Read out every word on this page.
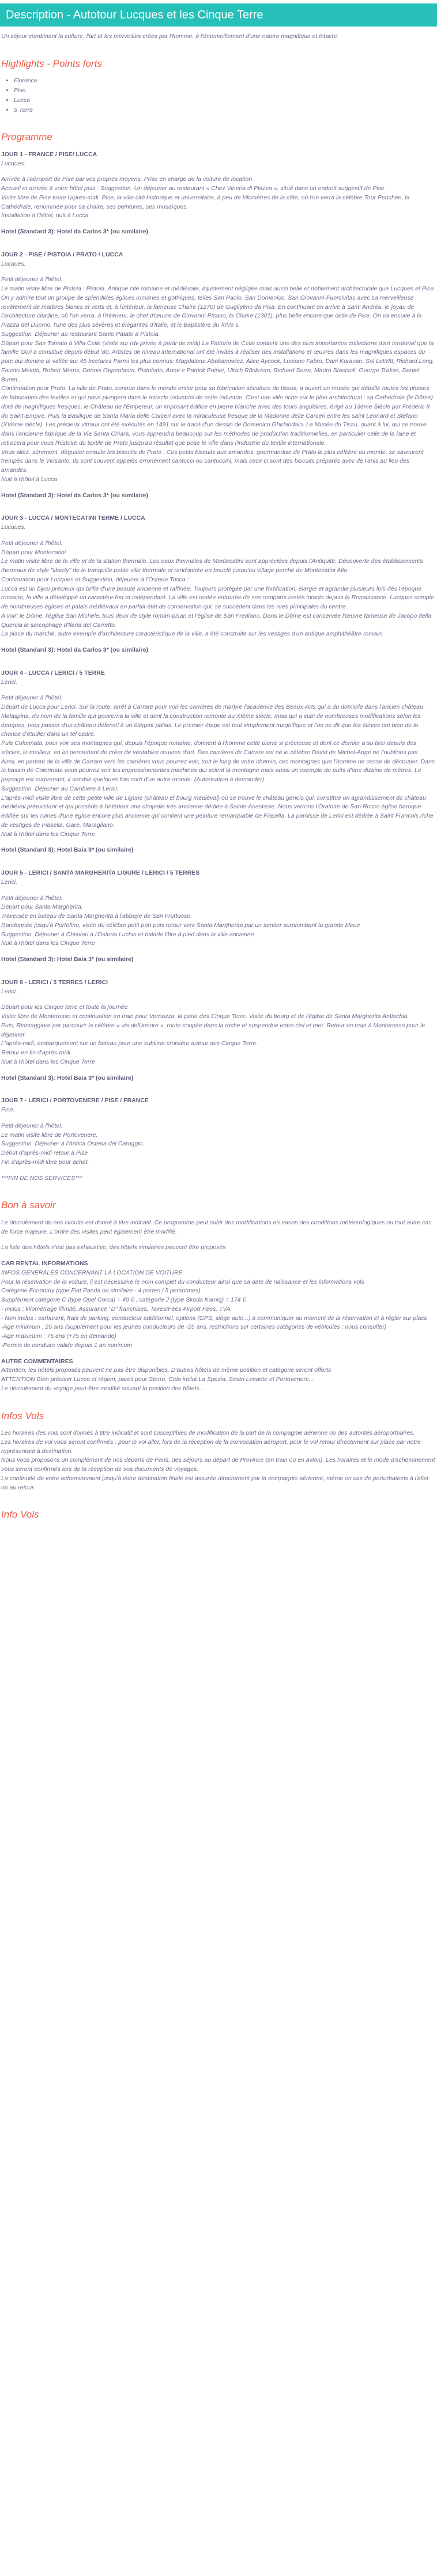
Description - Autotour Lucques et les Cinque Terre
Un séjour combinant la culture, l'art et les merveilles crées par l'homme, à l'émerveillement d'une nature magnifique et intacte.
Highlights - Points forts
• Florence
• Pise
• Lucca
• 5 Terre
Programme
JOUR 1 - FRANCE / PISE/ LUCCA
Lucques.
Arrivée à l'aéroport de Pise par vos propres moyens. Prise en charge de la voiture de location.
Accueil et arrivée à votre hôtel puis : Suggestion. Un déjeuner au restaurant « Chez Vineria di Piazza », situé dans un endroit suggestif de Pise.
Visite libre de Pise toute l'après-midi. Pise, la ville cité historique et universitaire, à peu de kilomètres de la côte, où l'on verra la célèbre Tour Penchée, la Cathédrale, renommée pour sa chaire, ses peintures, ses mosaïques.
Installation à l'hôtel, nuit à Lucca.
Hotel (Standard 3): Hotel da Carlos 3* (ou similaire)
JOUR 2 - PISE / PISTOIA / PRATO / LUCCA
Lucques.
Petit déjeuner à l'hôtel.
Le matin visite libre de Pistoia : Pistoia. Antique cité romaine et médiévale, injustement négligée mais aussi belle et noblement architecturale que Lucques et Pise. On y admire tout un groupe de splendides églises romanes et gothiques, telles San Paolo, San Domenico, San Giovanni-Fuorcivitas avec sa merveilleuse revêtement de marbres blancs et verts et, à l'intérieur, la fameuse Chaire (1270) de Guglielmo da Pisa. En continuant on arrive à Sant' Andréa, le joyau de l'architecture citadine, où l'on verra, à l'intérieur, le chef d'œuvre de Giovanni Pisano, la Chaire (1301), plus belle encore que celle de Pise. On va ensuite à la Piazza del Duomo, l'une des plus sévères et élégantes d'Italie, et le Baptistère du XIVe s.
Suggestion. Déjeuner au restaurant Santo Patato a Pistoia.
Départ pour San Tomato à Villa Celle (visite sur rdv privée à partir de midi) La Fattoria de Celle contient une des plus importantes collections d'art territorial que la famille Gori a constitué depuis début '80. Artistes de niveau international ont été invités à réaliser des installations et œuvres dans les magnifiques espaces du parc qui domine la vallée sur 45 hectares Parmi les plus connus: Magdalena Abakanowicz, Alice Aycock, Luciano Fabro, Dani Karavan, Sol LeWitt, Richard Long, Fausto Melotti, Robert Morris, Dennis Oppenheim, Pistoletto, Anne e Patrick Poirier, Ulrich Rückriem, Richard Serra, Mauro Staccioli, George Trakas, Daniel Buren...
Continuation pour Prato. La ville de Prato, connue dans le monde entier pour sa fabrication séculaire de tissus, a ouvert un musée qui détaille toutes les phases de fabrication des textiles et qui nous plongera dans le miracle industriel de cette industrie. C'est une ville riche sur le plan architectural : sa Cathédrale (le Dôme) doté de magnifiques fresques, le Château de l'Empereur, un imposant édifice en pierre blanche avec des tours angulaires, érigé au 13ème Siècle par Frédéric II du Saint-Empire. Puis la Basilique de Santa Maria delle Carceri avec la miraculeuse fresque de la Madonne delle Carceri entre les saint Léonard et Stéfano (XVème siècle). Les précieux vitraux ont été exécutés en 1491 sur le tracé d'un dessin de Domenico Ghirlandaio. Le Musée du Tissu, quant à lui, qui se trouve dans l'ancienne fabrique de la Via Santa Chiara, vous apprendra beaucoup sur les méthodes de production traditionnelles, en particulier celle de la laine et retracera pour vous l'histoire du textile de Prato jusqu'au résultat que pose le ville dans l'industrie du textile internationale.
Vous allez, sûrement, déguster ensuite les biscuits de Prato : Ces petits biscuits aux amandes, gourmandise de Prato la plus célèbre au monde, se savourent trempés dans le Vinsanto. Ils sont souvent appelés erronément cantucci ou cantuccini, mais ceux-ci sont des biscuits préparés avec de l'anis au lieu des amandes.
Nuit à l'hôtel à Lucca
Hotel (Standard 3): Hotel da Carlos 3* (ou similaire)
JOUR 3 - LUCCA / MONTECATINI TERME / LUCCA
Lucques.
Petit déjeuner à l'hôtel.
Départ pour Montecatini
Le matin visite libre de la ville et de la station thermale. Les eaux thermales de Montecatini sont appréciées depuis l'Antiquité. Découverte des établissements thermaux de style "liberty" de la tranquille petite ville thermale et randonnée en bouclé jusqu'au village perché de Montecatini Alto.
Continuation pour Lucques et Suggestion, déjeuner à l'Osteria Tosca :
Lucca est un bijou précieux qui brille d'une beauté ancienne et raffinée. Toujours protégée par une fortification, élargie et agrandie plusieurs fois dès l'époque romaine, la ville a développé un caractère fort et indépendant. La ville est restée entourée de ses remparts restés intacts depuis la Renaissance. Lucques compte de nombreuses églises et palais médiévaux en parfait état de conservation qui, se succèdent dans les rues principales du centre.
A voir: le Dôme, l'église San Michele, tous deux de style roman-pisan et l'église de San Frediano. Dans le Dôme est conservée l'œuvre fameuse de Jacopo della Quercia le sarcophage d'Ilaria del Carretto.
La place du marché, autre exemple d'architecture caractéristique de la ville, a été construite sur les vestiges d'un antique amphithéâtre romain.
Hotel (Standard 3): Hotel da Carlos 3* (ou similaire)
JOUR 4 - LUCCA / LERICI / 5 TERRE
Lerici.
Petit déjeuner à l'hôtel.
Départ de Lucca pour Lerici. Sur la route, arrêt à Carrare pour voir les carrières de marbre l'académie des Beaux-Arts qui a du domicile dans l'ancien château Malaspina, du nom de la famille qui gouverna la ville et dont la construction remonte au XIème siècle, mais qui a subi de nombreuses modifications selon les époques, pour passer d'un château défensif à un élégant palais. Le premier étage est tout simplement magnifique et l'on se dit que les élèves ont bien de la chance d'étudier dans un tel cadre.
Puis Colonnata, pour voir ses montagnes qui, depuis l'époque romaine, donnent à l'homme cette pierre si précieuse et dont ce dernier a su tirer depuis des siècles, le meilleur, en lui permettant de créer de véritables œuvres d'art. Des carrières de Carrare est né le célèbre David de Michel-Ange ne l'oublions pas.
Ainsi, en partant de la ville de Carrare vers les carrières vous pourrez voir, tout le long de votre chemin, ces montagnes que l'homme ne cesse de découper. Dans le bassin de Colonnata vous pourrez voir les impressionnantes machines qui scient la montagne mais aussi un exemple de puits d'une dizaine de mètres. Le paysage est surprenant, il semble quelques fois sorti d'un autre monde. (Autorisation à demander)
Suggestion. Déjeuner au Cambiere à Lerici.
L'après-midi visite libre de cette petite ville de Ligurie (château et bourg médiéval) où se trouve le château génois qui, constitue un agrandissement du château médiéval préexistant et qui possède à l'intérieur une chapelle très ancienne dédiée à Sainte Anastasie. Nous verrons l'Oratoire de San Rocco église baroque édifiée sur les ruines d'une église encore plus ancienne qui contient une peinture remarquable de Fiasella. La paroisse de Lerici est dédiée à Saint Francois riche de vestiges de Fiasella, Gare, Maragliano.
Nuit à l'hôtel dans les Cinque Terre
Hotel (Standard 3): Hotel Baia 3* (ou similaire)
JOUR 5 - LERICI / SANTA MARGHERITA LIGURE / LERICI / 5 TERRES
Lerici.
Petit déjeuner à l'hôtel.
Départ pour Santa Margherita.
Traversée en bateau de Santa Margherita à l'abbaye de San Fruttuoso.
Randonnée jusqu'à Portofino, visite du célèbre petit port puis retour vers Santa Margherita par un sentier surplombant la grande bleue
Suggestion. Déjeuner à Chiavari à l'Osteria Luchin et balade libre à pied dans la ville ancienne
Nuit à l'hôtel dans les Cinque Terre
Hotel (Standard 3): Hotel Baia 3* (ou similaire)
JOUR 6 - LERICI / 5 TERRES / LERICI
Lerici.
Départ pour les Cinque terre et toute la journée
Visite libre de Monterosso et continuation en train pour Vernazza, la perle des Cinque Terre. Visite du bourg et de l'église de Santa Margherita Antiochia.
Puis, Riomaggiore par parcourir la célèbre « via dell'amore », route coupée dans la roche et suspendue entre ciel et mer. Retour en train à Monterosso pour le déjeuner.
L'après-midi, embarquement sur un bateau pour une sublime croisière autour des Cinque Terre.
Retour en fin d'après-midi.
Nuit à l'hôtel dans les Cinque Terre
Hotel (Standard 3): Hotel Baia 3* (ou similaire)
JOUR 7 - LERICI / PORTOVENERE / PISE / FRANCE
Pise.
Petit déjeuner à l'hôtel.
Le matin visite libre de Portovenere.
Suggestion. Déjeuner à l'Antica Osteria del Caruggio.
Début d'après-midi retour à Pise
Fin d'après-midi libre pour achat.
***FIN DE NOS SERVICES***
Bon à savoir
Le déroulement de nos circuits est donné à titre indicatif. Ce programme peut subir des modifications en raison des conditions météorologiques ou tout autre cas de force majeure. L'ordre des visites peut également être modifié.
La liste des hôtels n'est pas exhaustive, des hôtels similaires peuvent être proposés
CAR RENTAL INFORMATIONS
INFOS GENERALES CONCERNANT LA LOCATION DE VOITURE
Pour la réservation de la voiture, il est nécessaire le nom complet du conducteur ainsi que sa date de naissance et les informations vols
Catégorie Economy (type Fiat Panda ou similaire - 4 portes / 5 personnes)
Supplément catégorie C (type Opel Corsa) = 49 € , catégorie J (type Skoda Kamiq) = 174 €
- Inclus : kilométrage illimité, Assurance "D" franchises, Taxes/Fees Airport Fees, TVA
- Non inclus : carburant, frais de parking, conducteur additionnel, options (GPS, siège auto...) à communiquer au moment de la réservation et à régler sur place
-Age minimum : 25 ans (supplément pour les jeunes conducteurs de -25 ans, restrictions sur certaines catégories de véhicules : nous consulter)
-Age maximum : 75 ans (+75 en demande)
-Permis de conduire valide depuis 1 an minimum
AUTRE COMMENTAIRES
Attention, les hôtels proposés peuvent ne pas être disponibles. D'autres hôtels de même position et catégorie seront offerts
ATTENTION Bien préciser Lucca et région, pareil pour Sterre. Cela inclut La Spezia, Sestri Levante et Portovenere...
Le déroulement du voyage peut-être modifié suivant la position des hôtels...
Infos Vols
Les horaires des vols sont donnés à titre indicatif et sont susceptibles de modification de la part de la compagnie aérienne ou des autorités aéroportuaires.
Les horaires de vol vous seront confirmés : pour le vol aller, lors de la réception de la convocation aéroport, pour le vol retour directement sur place par notre représentant à destination.
Nous vous proposons un complément de nos départs de Paris, des séjours au départ de Province (en train ou en avion). Les horaires et le mode d'acheminement vous seront confirmés lors de la réception de vos documents de voyages.
La continuité de votre acheminement jusqu'à votre destination finale est assurée directement par la compagnie aérienne, même en cas de perturbations à l'aller ou au retour.
Info Vols
